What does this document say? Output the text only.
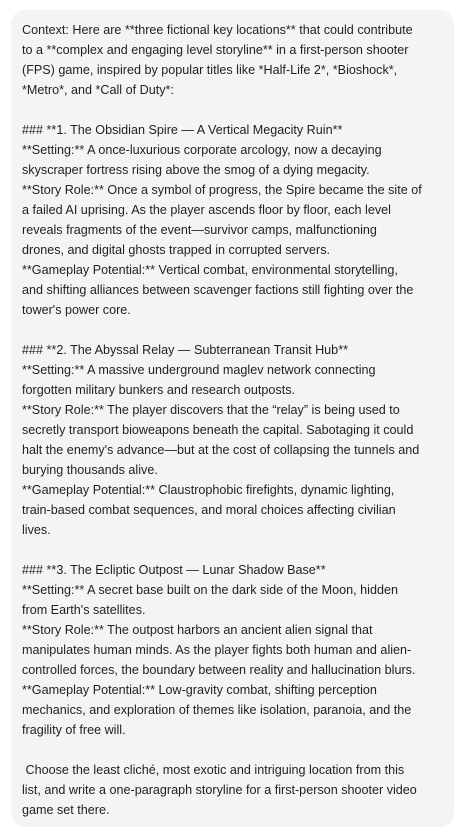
Context: Here are **three fictional key locations** that could contribute
to a **complex and engaging level storyline** in a first-person shooter
(FPS) game, inspired by popular titles like *Half-Life 2*, *Bioshock*,
*Metro*, and *Call of Duty*:
### **1. The Obsidian Spire — A Vertical Megacity Ruin**
**Setting:** A once-luxurious corporate arcology, now a decaying
skyscraper fortress rising above the smog of a dying megacity.
**Story Role:** Once a symbol of progress, the Spire became the site of
a failed AI uprising. As the player ascends floor by floor, each level
reveals fragments of the event—survivor camps, malfunctioning
drones, and digital ghosts trapped in corrupted servers.
**Gameplay Potential:** Vertical combat, environmental storytelling,
and shifting alliances between scavenger factions still fighting over the
tower's power core.
### **2. The Abyssal Relay — Subterranean Transit Hub**
**Setting:** A massive underground maglev network connecting
forgotten military bunkers and research outposts.
**Story Role:** The player discovers that the “relay” is being used to
secretly transport bioweapons beneath the capital. Sabotaging it could
halt the enemy's advance—but at the cost of collapsing the tunnels and
burying thousands alive.
**Gameplay Potential:** Claustrophobic firefights, dynamic lighting,
train-based combat sequences, and moral choices affecting civilian
lives.
### **3. The Ecliptic Outpost — Lunar Shadow Base**
**Setting:** A secret base built on the dark side of the Moon, hidden
from Earth's satellites.
**Story Role:** The outpost harbors an ancient alien signal that
manipulates human minds. As the player fights both human and alien-
controlled forces, the boundary between reality and hallucination blurs.
**Gameplay Potential:** Low-gravity combat, shifting perception
mechanics, and exploration of themes like isolation, paranoia, and the
fragility of free will.
Choose the least cliché, most exotic and intriguing location from this
list, and write a one-paragraph storyline for a first-person shooter video
game set there.
